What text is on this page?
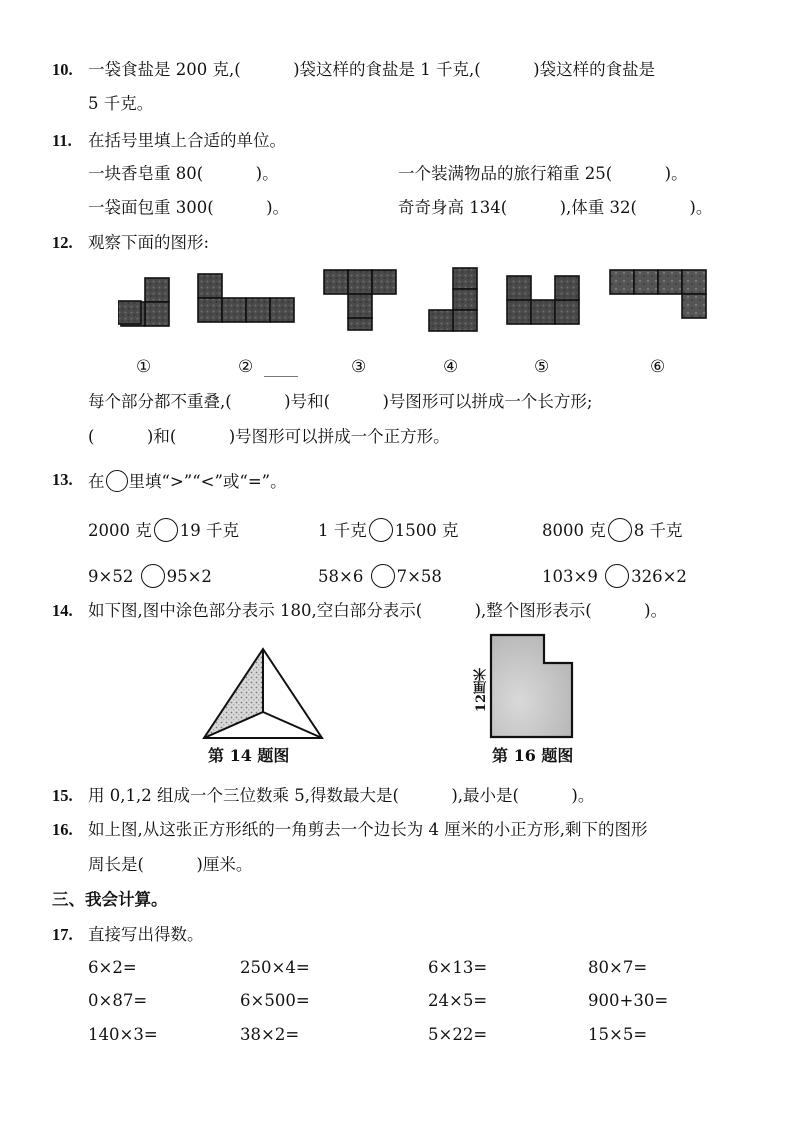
10. 一袋食盐是 200 克,(          )袋这样的食盐是 1 千克,(          )袋这样的食盐是
5 千克。
11. 在括号里填上合适的单位。
一块香皂重 80(          )。	一个装满物品的旅行箱重 25(          )。
一袋面包重 300(          )。	奇奇身高 134(          ),体重 32(          )。
12. 观察下面的图形:
①	②	③	④	⑤	⑥
每个部分都不重叠,(          )号和(          )号图形可以拼成一个长方形;
(          )和(          )号图形可以拼成一个正方形。
13. 在 里填“>”“<”或“=”。
2000 克 19 千克	1 千克 1500 克	8000 克 8 千克
9×52 95×2	58×6 7×58	103×9 326×2
14. 如下图,图中涂色部分表示 180,空白部分表示(          ),整个图形表示(          )。
第 14 题图
12厘米
第 16 题图
15. 用 0,1,2 组成一个三位数乘 5,得数最大是(          ),最小是(          )。
16. 如上图,从这张正方形纸的一角剪去一个边长为 4 厘米的小正方形,剩下的图形
周长是(          )厘米。
三、我会计算。
17. 直接写出得数。
6×2=	250×4=	6×13=	80×7=
0×87=	6×500=	24×5=	900+30=
140×3=	38×2=	5×22=	15×5=
